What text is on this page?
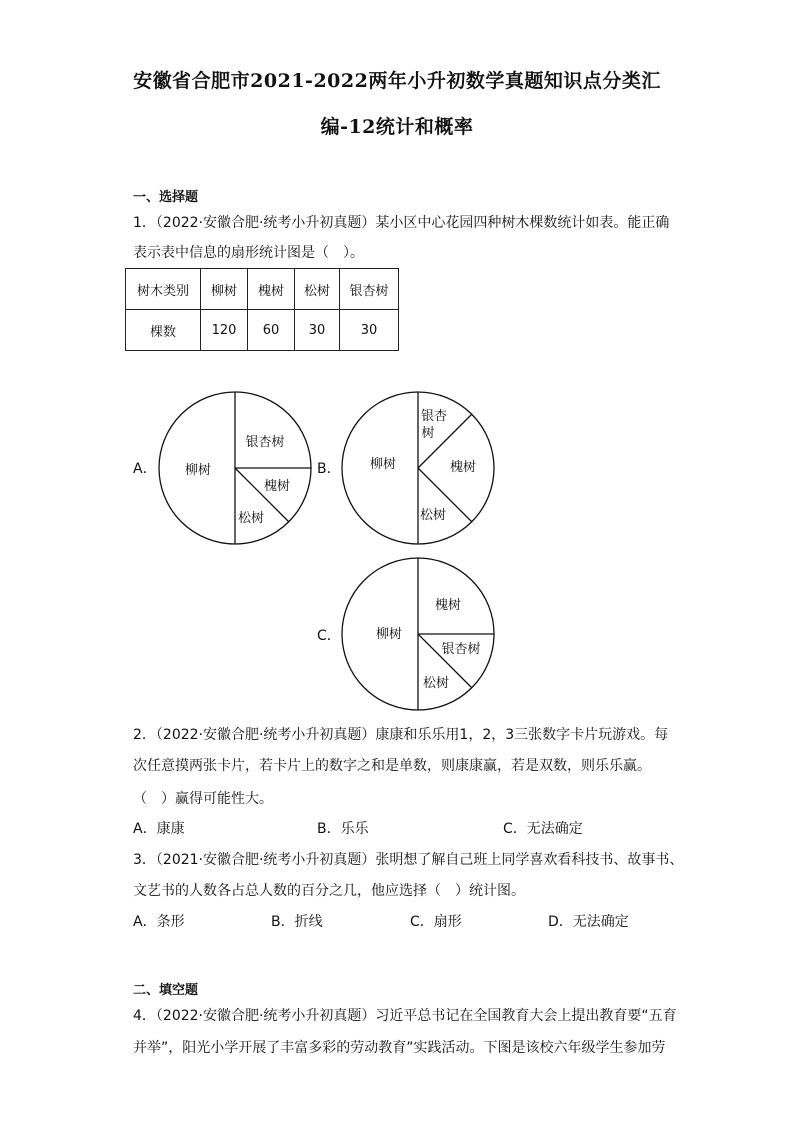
安徽省合肥市2021-2022两年小升初数学真题知识点分类汇
编-12统计和概率
一、选择题
1．（2022·安徽合肥·统考小升初真题）某小区中心花园四种树木棵数统计如表。能正确
表示表中信息的扇形统计图是（　）。
树木类别	柳树	槐树	松树	银杏树
棵数	120	60	30	30
A． 柳树
银杏树
槐树
松树
B． 柳树
银杏
树
槐树
松树
C．	柳树
槐树
银杏树
松树
2．（2022·安徽合肥·统考小升初真题）康康和乐乐用1，2，3三张数字卡片玩游戏。每
次任意摸两张卡片，若卡片上的数字之和是单数，则康康赢，若是双数，则乐乐赢。
（　）赢得可能性大。
A．康康	B．乐乐	C．无法确定
3．（2021·安徽合肥·统考小升初真题）张明想了解自己班上同学喜欢看科技书、故事书、
文艺书的人数各占总人数的百分之几，他应选择（　）统计图。
A．条形	B．折线	C．扇形	D．无法确定
二、填空题
4．（2022·安徽合肥·统考小升初真题）习近平总书记在全国教育大会上提出教育要“五育
并举”，阳光小学开展了丰富多彩的劳动教育”实践活动。下图是该校六年级学生参加劳
